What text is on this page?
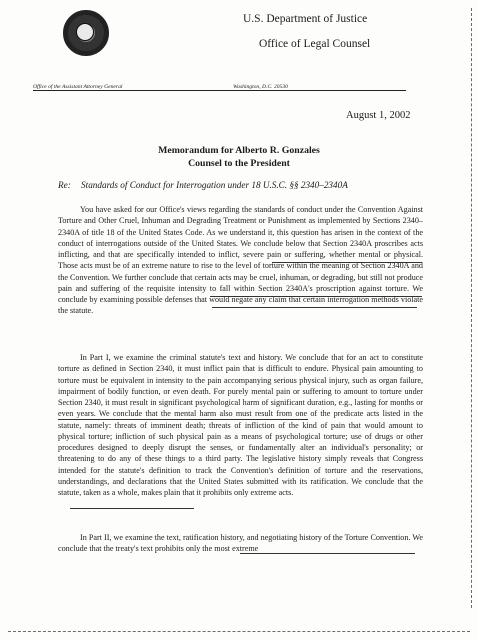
U.S. Department of Justice
Office of Legal Counsel
Office of the Assistant Attorney General	Washington, D.C. 20530
August 1, 2002
Memorandum for Alberto R. Gonzales
Counsel to the President
Re: Standards of Conduct for Interrogation under 18 U.S.C. §§ 2340–2340A

You have asked for our Office's views regarding the standards of conduct under the Convention Against Torture and Other Cruel, Inhuman and Degrading Treatment or Punishment as implemented by Sections 2340–2340A of title 18 of the United States Code. As we understand it, this question has arisen in the context of the conduct of interrogations outside of the United States. We conclude below that Section 2340A proscribes acts inflicting, and that are specifically intended to inflict, severe pain or suffering, whether mental or physical. Those acts must be of an extreme nature to rise to the level of torture within the meaning of Section 2340A and the Convention. We further conclude that certain acts may be cruel, inhuman, or degrading, but still not produce pain and suffering of the requisite intensity to fall within Section 2340A's proscription against torture. We conclude by examining possible defenses that would negate any claim that certain interrogation methods violate the statute.

In Part I, we examine the criminal statute's text and history. We conclude that for an act to constitute torture as defined in Section 2340, it must inflict pain that is difficult to endure. Physical pain amounting to torture must be equivalent in intensity to the pain accompanying serious physical injury, such as organ failure, impairment of bodily function, or even death. For purely mental pain or suffering to amount to torture under Section 2340, it must result in significant psychological harm of significant duration, e.g., lasting for months or even years. We conclude that the mental harm also must result from one of the predicate acts listed in the statute, namely: threats of imminent death; threats of infliction of the kind of pain that would amount to physical torture; infliction of such physical pain as a means of psychological torture; use of drugs or other procedures designed to deeply disrupt the senses, or fundamentally alter an individual's personality; or threatening to do any of these things to a third party. The legislative history simply reveals that Congress intended for the statute's definition to track the Convention's definition of torture and the reservations, understandings, and declarations that the United States submitted with its ratification. We conclude that the statute, taken as a whole, makes plain that it prohibits only extreme acts.

In Part II, we examine the text, ratification history, and negotiating history of the Torture Convention. We conclude that the treaty's text prohibits only the most extreme
